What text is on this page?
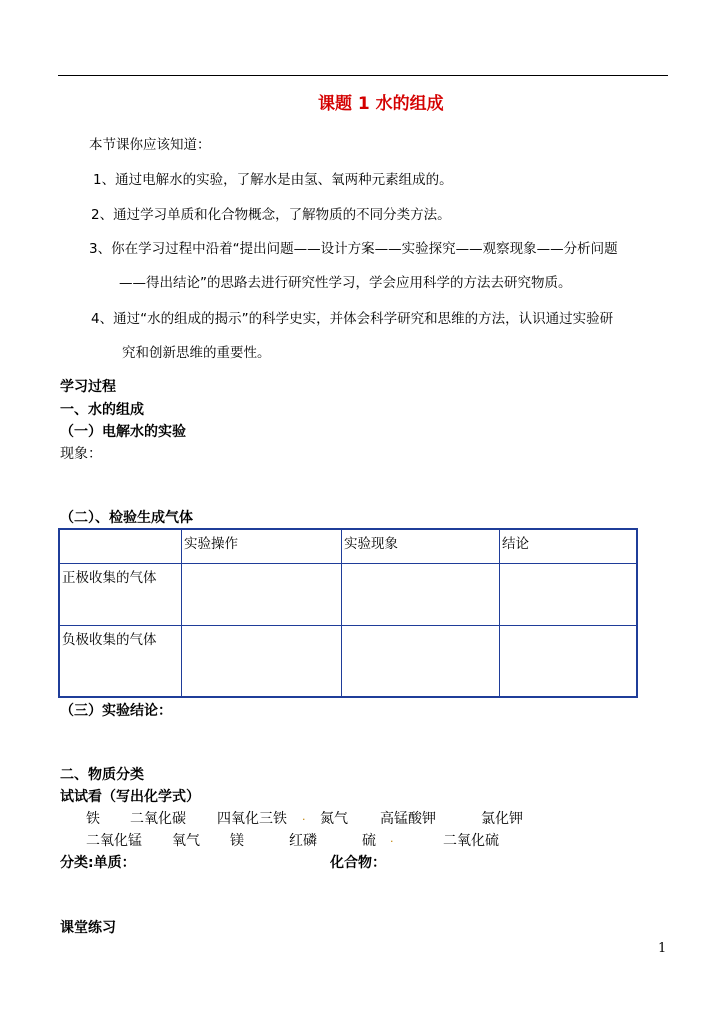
课题 1 水的组成
本节课你应该知道：
1、通过电解水的实验，了解水是由氢、氧两种元素组成的。
2、通过学习单质和化合物概念，了解物质的不同分类方法。
3、你在学习过程中沿着“提出问题——设计方案——实验探究——观察现象——分析问题
——得出结论”的思路去进行研究性学习，学会应用科学的方法去研究物质。
4、通过“水的组成的揭示”的科学史实，并体会科学研究和思维的方法，认识通过实验研
究和创新思维的重要性。
学习过程
一、水的组成
（一）电解水的实验
现象：
（二）、检验生成气体
	实验操作	实验现象	结论
正极收集的气体			
负极收集的气体			
（三）实验结论：
二、物质分类
试试看（写出化学式）
铁 二氧化碳 四氧化三铁 . 氮气 高锰酸钾	氯化钾
二氧化锰 氧气 镁	红磷	硫 .	二氧化硫
分类:单质：	化合物：
课堂练习
1
